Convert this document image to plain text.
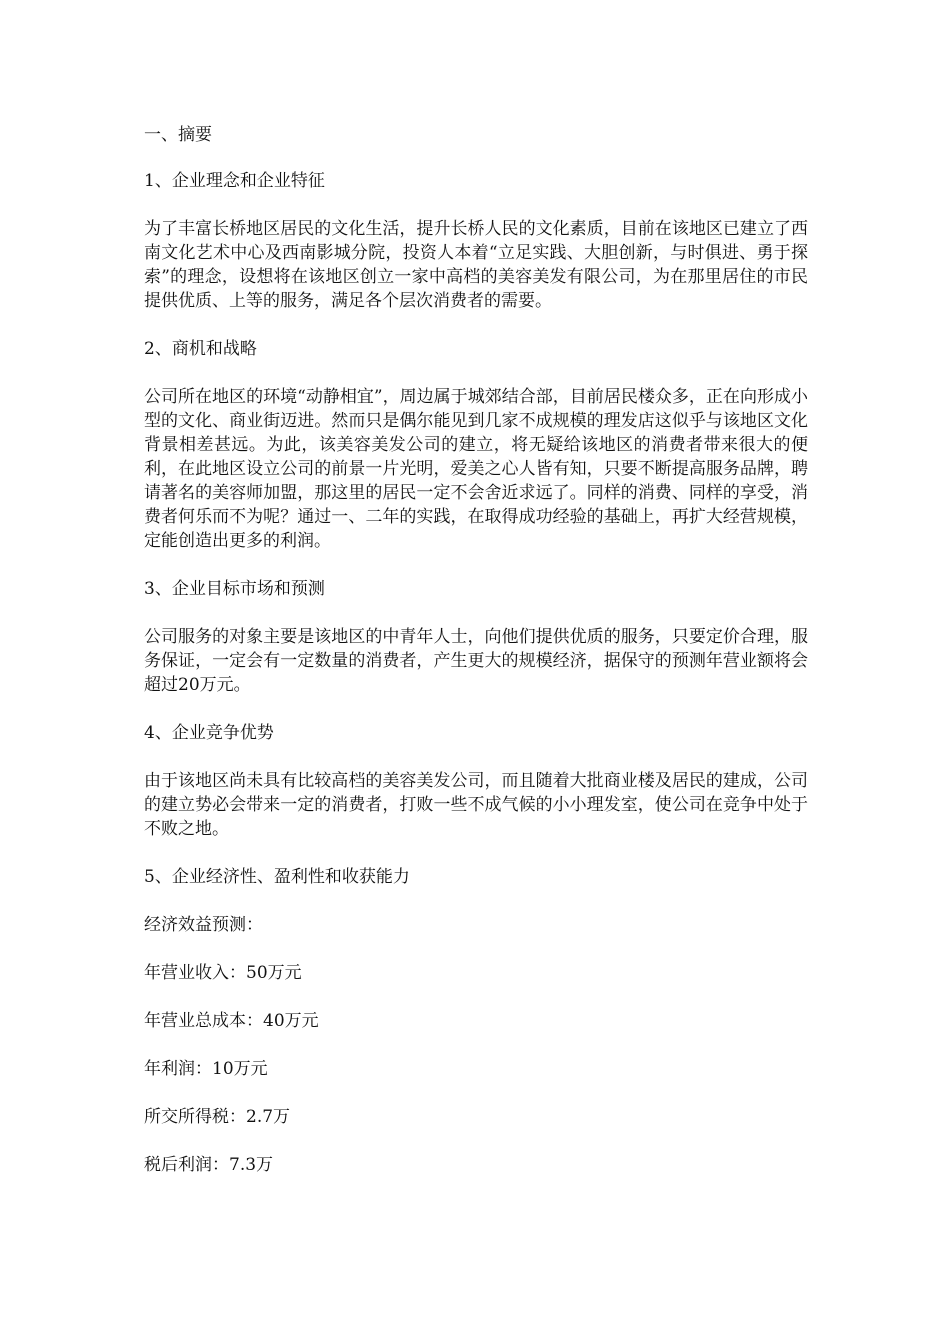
一、摘要

1、企业理念和企业特征

为了丰富长桥地区居民的文化生活，提升长桥人民的文化素质，目前在该地区已建立了西南文化艺术中心及西南影城分院，投资人本着“立足实践、大胆创新，与时俱进、勇于探索”的理念，设想将在该地区创立一家中高档的美容美发有限公司，为在那里居住的市民提供优质、上等的服务，满足各个层次消费者的需要。

2、商机和战略

公司所在地区的环境“动静相宜”，周边属于城郊结合部，目前居民楼众多，正在向形成小型的文化、商业街迈进。然而只是偶尔能见到几家不成规模的理发店这似乎与该地区文化背景相差甚远。为此，该美容美发公司的建立，将无疑给该地区的消费者带来很大的便利，在此地区设立公司的前景一片光明，爱美之心人皆有知，只要不断提高服务品牌，聘请著名的美容师加盟，那这里的居民一定不会舍近求远了。同样的消费、同样的享受，消费者何乐而不为呢？通过一、二年的实践，在取得成功经验的基础上，再扩大经营规模，定能创造出更多的利润。

3、企业目标市场和预测

公司服务的对象主要是该地区的中青年人士，向他们提供优质的服务，只要定价合理，服务保证，一定会有一定数量的消费者，产生更大的规模经济，据保守的预测年营业额将会超过20万元。

4、企业竞争优势

由于该地区尚未具有比较高档的美容美发公司，而且随着大批商业楼及居民的建成，公司的建立势必会带来一定的消费者，打败一些不成气候的小小理发室，使公司在竞争中处于不败之地。

5、企业经济性、盈利性和收获能力

经济效益预测：

年营业收入：50万元

年营业总成本：40万元

年利润：10万元

所交所得税：2.7万

税后利润：7.3万
